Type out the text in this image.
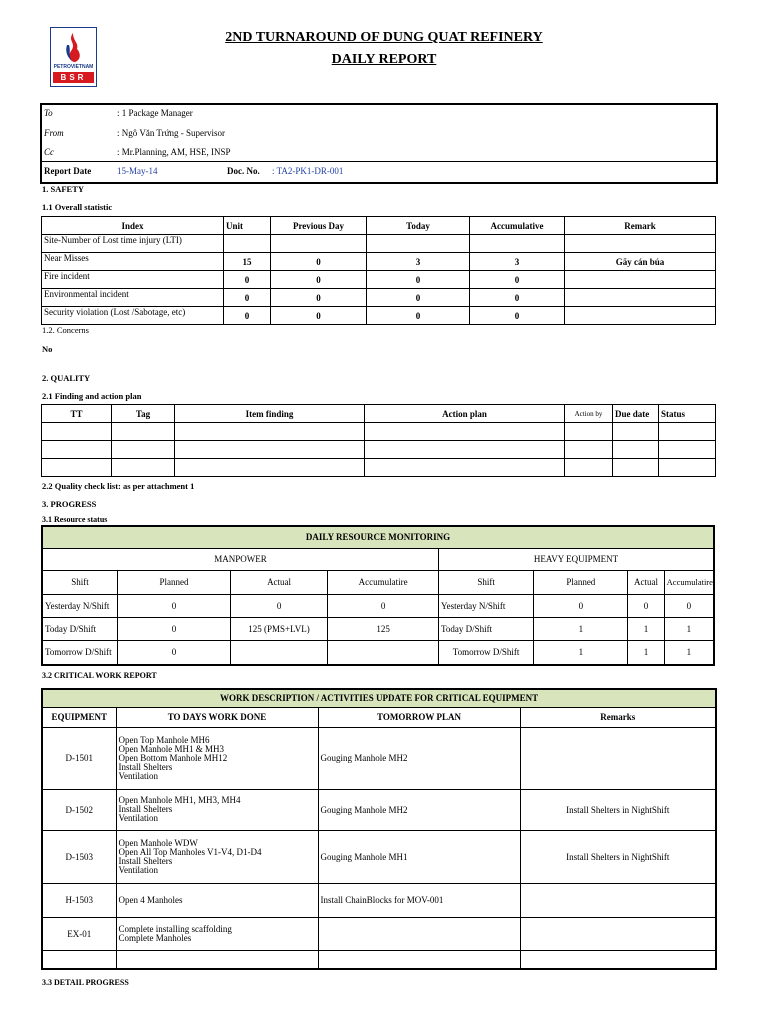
PETROVIETNAM
BSR
2ND TURNAROUND OF DUNG QUAT REFINERY
DAILY REPORT
To	: 1 Package Manager
From	: Ngô Văn Trứng - Supervisor
Cc	: Mr.Planning, AM, HSE, INSP
Report Date	15-May-14	Doc. No. : TA2-PK1-DR-001
1. SAFETY
1.1 Overall statistic
Index	Unit	Previous Day	Today	Accumulative	Remark
Site-Number of Lost time injury (LTI)					
Near Misses	15	0	3	3	Gãy cán búa
Fire incident	0	0	0	0	
Environmental incident	0	0	0	0	
Security violation (Lost /Sabotage, etc)	0	0	0	0	
1.2. Concerns
No
2. QUALITY
2.1 Finding and action plan
TT	Tag	Item finding	Action plan	Action by	Due date	Status

2.2 Quality check list: as per attachment 1
3. PROGRESS
3.1 Resource status
DAILY RESOURCE MONITORING							
MANPOWER				HEAVY EQUIPMENT			
Shift	Planned	Actual	Accumulatire	Shift	Planned	Actual	Accumulatire
Yesterday N/Shift	0	0	0	Yesterday N/Shift	0	0	0
Today D/Shift	0	125 (PMS+LVL)	125	Today D/Shift	1	1	1
Tomorrow D/Shift	0			Tomorrow D/Shift	1	1	1
3.2 CRITICAL WORK REPORT
WORK DESCRIPTION / ACTIVITIES UPDATE FOR CRITICAL EQUIPMENT			
EQUIPMENT	TO DAYS WORK DONE	TOMORROW PLAN	Remarks
D-1501	Open Top Manhole MH6
Open Manhole MH1 & MH3
Open Bottom Manhole MH12
Install Shelters
Ventilation	Gouging Manhole MH2	
D-1502	Open Manhole MH1, MH3, MH4
Install Shelters
Ventilation	Gouging Manhole MH2	Install Shelters in NightShift
D-1503	Open Manhole WDW
Open All Top Manholes V1-V4, D1-D4
Install Shelters
Ventilation	Gouging Manhole MH1	Install Shelters in NightShift
H-1503	Open 4 Manholes	Install ChainBlocks for MOV-001	
EX-01	Complete installing scaffolding
Complete Manholes		

3.3 DETAIL PROGRESS
